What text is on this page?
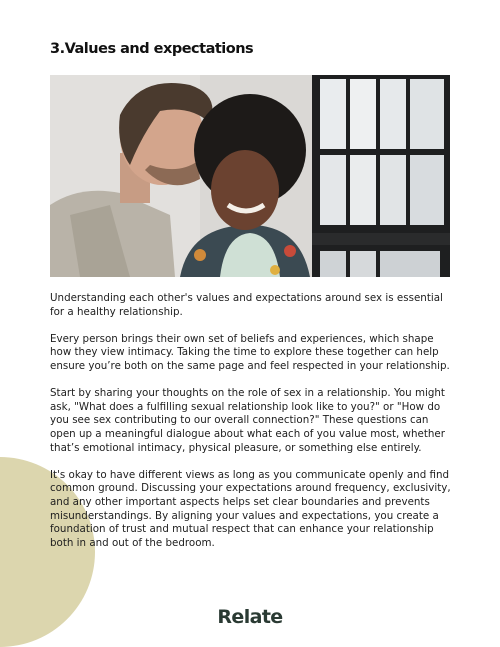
3.Values and expectations

Understanding each other's values and expectations around sex is essential for a healthy relationship.

Every person brings their own set of beliefs and experiences, which shape how they view intimacy. Taking the time to explore these together can help ensure you’re both on the same page and feel respected in your relationship.

Start by sharing your thoughts on the role of sex in a relationship. You might ask, "What does a fulfilling sexual relationship look like to you?" or "How do you see sex contributing to our overall connection?" These questions can open up a meaningful dialogue about what each of you value most, whether that’s emotional intimacy, physical pleasure, or something else entirely.

It's okay to have different views as long as you communicate openly and find common ground. Discussing your expectations around frequency, exclusivity, and any other important aspects helps set clear boundaries and prevents misunderstandings. By aligning your values and expectations, you create a foundation of trust and mutual respect that can enhance your relationship both in and out of the bedroom.

Relate
